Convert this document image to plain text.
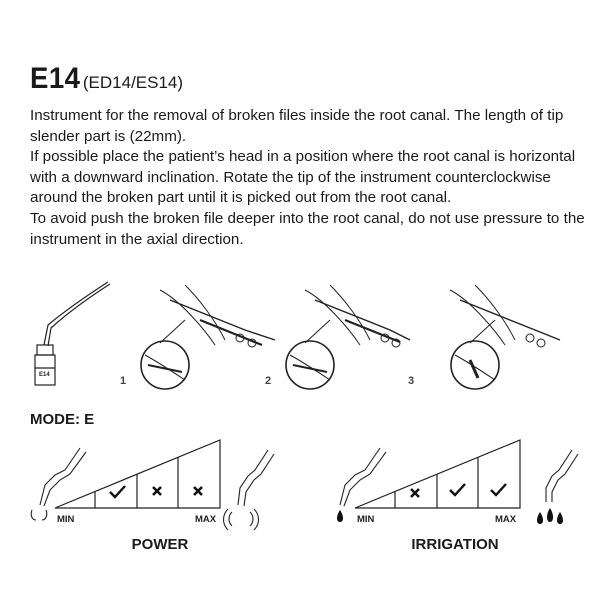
E14 (ED14/ES14)

Instrument for the removal of broken files inside the root canal. The length of tip slender part is (22mm).

If possible place the patient’s head in a position where the root canal is horizontal with a downward inclination. Rotate the tip of the instrument counterclockwise around the broken part until it is picked out from the root canal.

To avoid push the broken file deeper into the root canal, do not use pressure to the instrument in the axial direction.

E14	1	2	3
MODE: E
MIN	MAX
POWER
MIN	MAX
IRRIGATION
